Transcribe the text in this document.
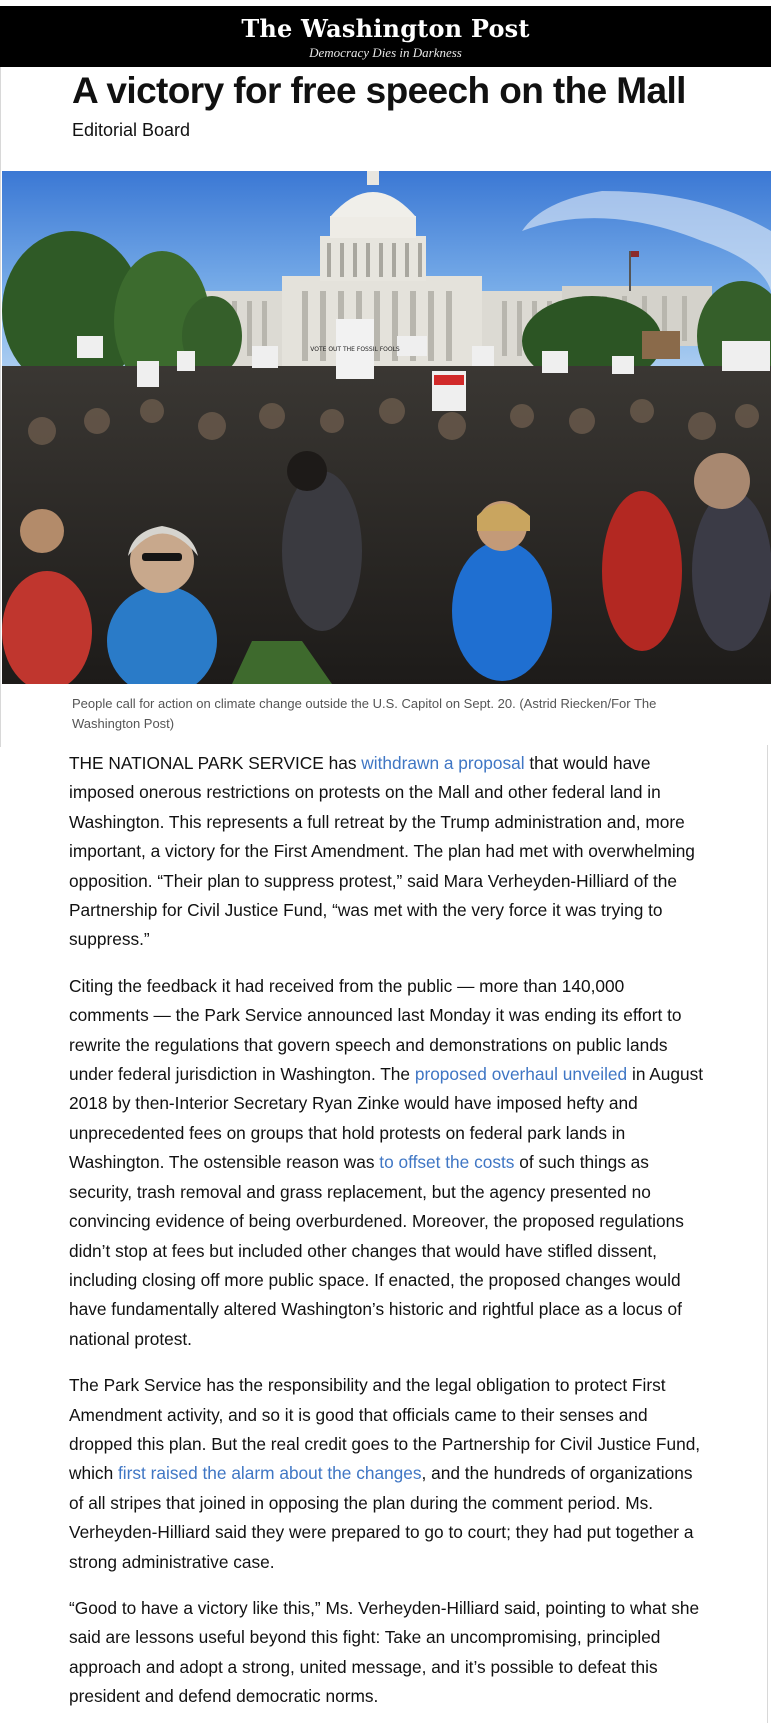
The Washington Post
Democracy Dies in Darkness
A victory for free speech on the Mall
Editorial Board
VOTE OUT THE FOSSIL FOOLS

People call for action on climate change outside the U.S. Capitol on Sept. 20. (Astrid Riecken/For The Washington Post)

THE NATIONAL PARK SERVICE has withdrawn a proposal that would have imposed onerous restrictions on protests on the Mall and other federal land in Washington. This represents a full retreat by the Trump administration and, more important, a victory for the First Amendment. The plan had met with overwhelming opposition. “Their plan to suppress protest,” said Mara Verheyden-Hilliard of the Partnership for Civil Justice Fund, “was met with the very force it was trying to suppress.”

Citing the feedback it had received from the public — more than 140,000 comments — the Park Service announced last Monday it was ending its effort to rewrite the regulations that govern speech and demonstrations on public lands under federal jurisdiction in Washington. The proposed overhaul unveiled in August 2018 by then-Interior Secretary Ryan Zinke would have imposed hefty and unprecedented fees on groups that hold protests on federal park lands in Washington. The ostensible reason was to offset the costs of such things as security, trash removal and grass replacement, but the agency presented no convincing evidence of being overburdened. Moreover, the proposed regulations didn’t stop at fees but included other changes that would have stifled dissent, including closing off more public space. If enacted, the proposed changes would have fundamentally altered Washington’s historic and rightful place as a locus of national protest.

The Park Service has the responsibility and the legal obligation to protect First Amendment activity, and so it is good that officials came to their senses and dropped this plan. But the real credit goes to the Partnership for Civil Justice Fund, which first raised the alarm about the changes, and the hundreds of organizations of all stripes that joined in opposing the plan during the comment period. Ms. Verheyden-Hilliard said they were prepared to go to court; they had put together a strong administrative case.

“Good to have a victory like this,” Ms. Verheyden-Hilliard said, pointing to what she said are lessons useful beyond this fight: Take an uncompromising, principled approach and adopt a strong, united message, and it’s possible to defeat this president and defend democratic norms.
